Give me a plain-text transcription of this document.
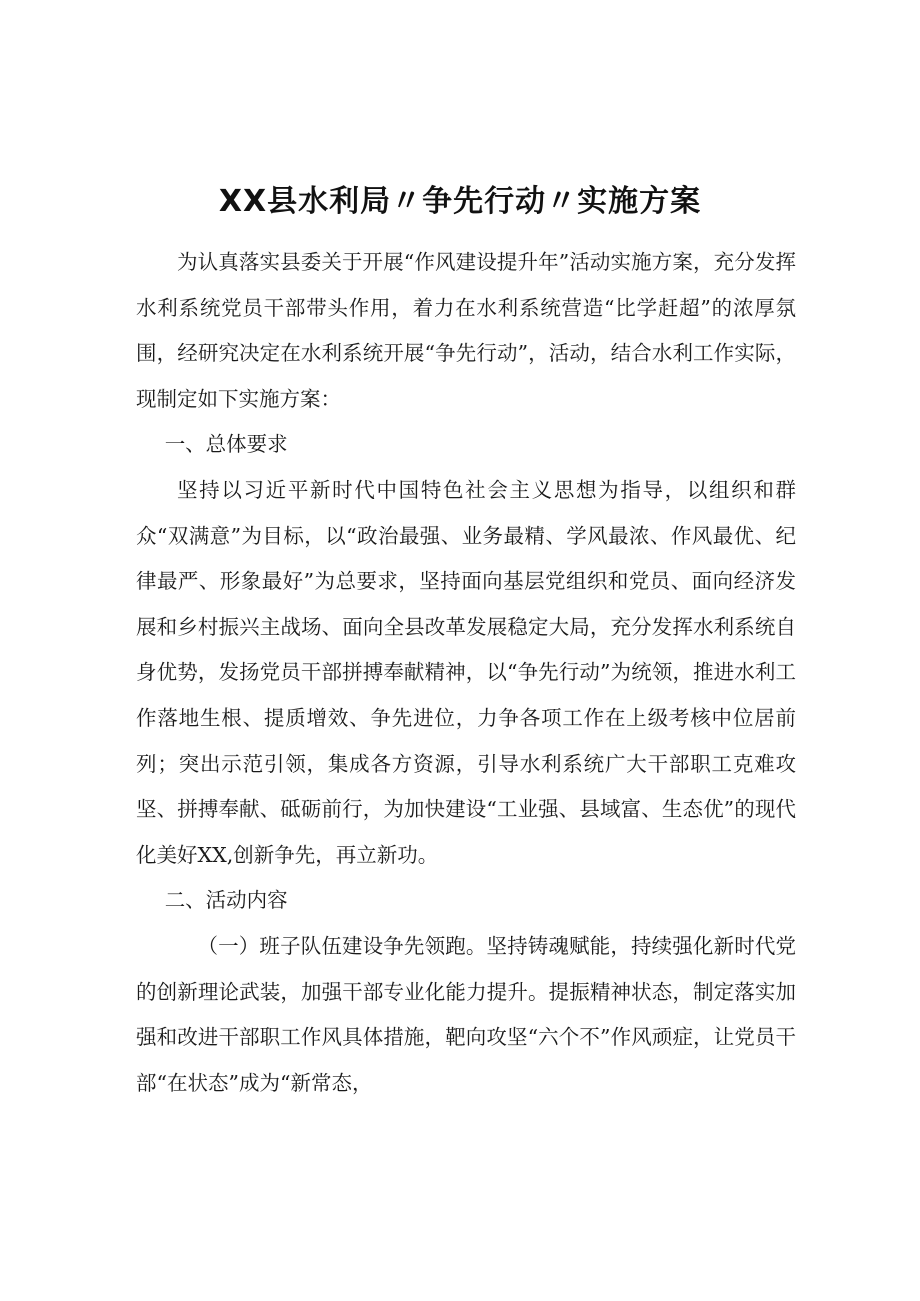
XX县水利局〃争先行动〃实施方案

为认真落实县委关于开展“作风建设提升年”活动实施方案，充分发挥水利系统党员干部带头作用，着力在水利系统营造“比学赶超”的浓厚氛围，经研究决定在水利系统开展“争先行动”，活动，结合水利工作实际，现制定如下实施方案：

一、总体要求

坚持以习近平新时代中国特色社会主义思想为指导，以组织和群众“双满意”为目标，以“政治最强、业务最精、学风最浓、作风最优、纪律最严、形象最好”为总要求，坚持面向基层党组织和党员、面向经济发展和乡村振兴主战场、面向全县改革发展稳定大局，充分发挥水利系统自身优势，发扬党员干部拼搏奉献精神，以“争先行动”为统领，推进水利工作落地生根、提质增效、争先进位，力争各项工作在上级考核中位居前列；突出示范引领，集成各方资源，引导水利系统广大干部职工克难攻坚、拼搏奉献、砥砺前行，为加快建设“工业强、县域富、生态优”的现代化美好XX,创新争先，再立新功。

二、活动内容

（一）班子队伍建设争先领跑。坚持铸魂赋能，持续强化新时代党的创新理论武装，加强干部专业化能力提升。提振精神状态，制定落实加强和改进干部职工作风具体措施，靶向攻坚“六个不”作风顽症，让党员干部“在状态”成为“新常态，
